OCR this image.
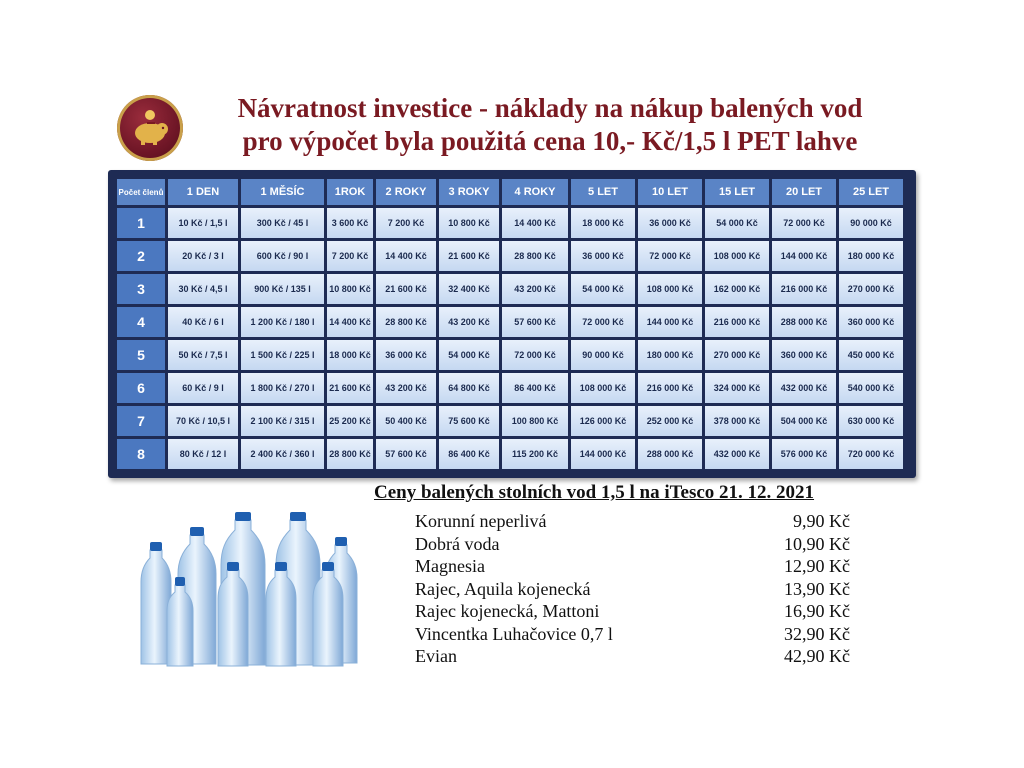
Návratnost investice - náklady na nákup balených vod
pro výpočet byla použitá cena 10,- Kč/1,5 l PET lahve
Počet členů	1 DEN	1 MĚSÍC	1ROK	2 ROKY	3 ROKY	4 ROKY	5 LET	10 LET	15 LET	20 LET	25 LET
1	10 Kč / 1,5 l	300 Kč / 45 l	3 600 Kč	7 200 Kč	10 800 Kč	14 400 Kč	18 000 Kč	36 000 Kč	54 000 Kč	72 000 Kč	90 000 Kč
2	20 Kč / 3 l	600 Kč / 90 l	7 200 Kč	14 400 Kč	21 600 Kč	28 800 Kč	36 000 Kč	72 000 Kč	108 000 Kč	144 000 Kč	180 000 Kč
3	30 Kč / 4,5 l	900 Kč / 135 l	10 800 Kč	21 600 Kč	32 400 Kč	43 200 Kč	54 000 Kč	108 000 Kč	162 000 Kč	216 000 Kč	270 000 Kč
4	40 Kč / 6 l	1 200 Kč / 180 l	14 400 Kč	28 800 Kč	43 200 Kč	57 600 Kč	72 000 Kč	144 000 Kč	216 000 Kč	288 000 Kč	360 000 Kč
5	50 Kč / 7,5 l	1 500 Kč / 225 l	18 000 Kč	36 000 Kč	54 000 Kč	72 000 Kč	90 000 Kč	180 000 Kč	270 000 Kč	360 000 Kč	450 000 Kč
6	60 Kč / 9 l	1 800 Kč / 270 l	21 600 Kč	43 200 Kč	64 800 Kč	86 400 Kč	108 000 Kč	216 000 Kč	324 000 Kč	432 000 Kč	540 000 Kč
7	70 Kč / 10,5 l	2 100 Kč / 315 l	25 200 Kč	50 400 Kč	75 600 Kč	100 800 Kč	126 000 Kč	252 000 Kč	378 000 Kč	504 000 Kč	630 000 Kč
8	80 Kč / 12 l	2 400 Kč / 360 l	28 800 Kč	57 600 Kč	86 400 Kč	115 200 Kč	144 000 Kč	288 000 Kč	432 000 Kč	576 000 Kč	720 000 Kč
Ceny balených stolních vod 1,5 l na iTesco 21. 12. 2021
Korunní neperlivá	9,90 Kč
Dobrá voda	10,90 Kč
Magnesia	12,90 Kč
Rajec, Aquila kojenecká	13,90 Kč
Rajec kojenecká, Mattoni	16,90 Kč
Vincentka Luhačovice 0,7 l	32,90 Kč
Evian	42,90 Kč
